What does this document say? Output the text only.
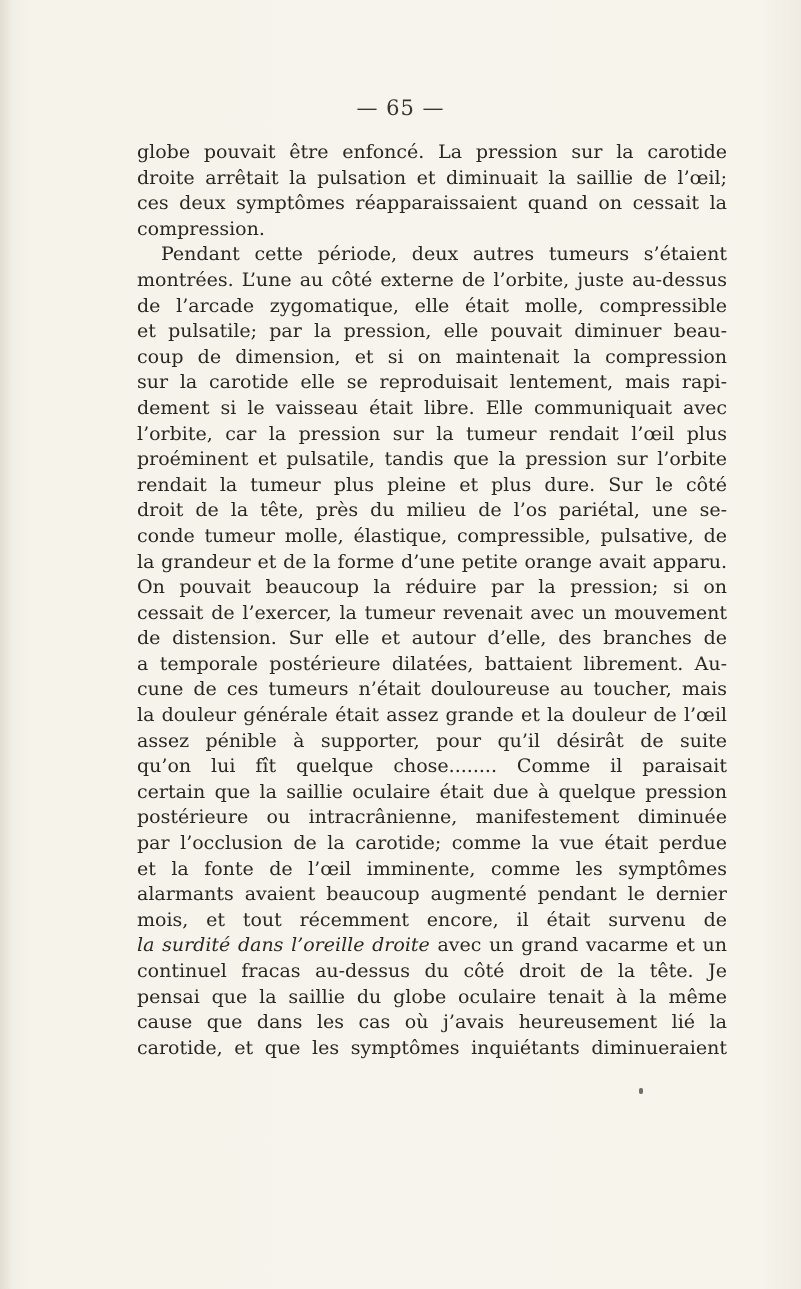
— 65 —
globe pouvait être enfoncé. La pression sur la carotide
droite arrêtait la pulsation et diminuait la saillie de l’œil;
ces deux symptômes réapparaissaient quand on cessait la
compression.
Pendant cette période, deux autres tumeurs s’étaient
montrées. L’une au côté externe de l’orbite, juste au-dessus
de l’arcade zygomatique, elle était molle, compressible
et pulsatile; par la pression, elle pouvait diminuer beau-
coup de dimension, et si on maintenait la compression
sur la carotide elle se reproduisait lentement, mais rapi-
dement si le vaisseau était libre. Elle communiquait avec
l’orbite, car la pression sur la tumeur rendait l’œil plus
proéminent et pulsatile, tandis que la pression sur l’orbite
rendait la tumeur plus pleine et plus dure. Sur le côté
droit de la tête, près du milieu de l’os pariétal, une se-
conde tumeur molle, élastique, compressible, pulsative, de
la grandeur et de la forme d’une petite orange avait apparu.
On pouvait beaucoup la réduire par la pression; si on
cessait de l’exercer, la tumeur revenait avec un mouvement
de distension. Sur elle et autour d’elle, des branches de
a temporale postérieure dilatées, battaient librement. Au-
cune de ces tumeurs n’était douloureuse au toucher, mais
la douleur générale était assez grande et la douleur de l’œil
assez pénible à supporter, pour qu’il désirât de suite
qu’on lui fît quelque chose........ Comme il paraisait
certain que la saillie oculaire était due à quelque pression
postérieure ou intracrânienne, manifestement diminuée
par l’occlusion de la carotide; comme la vue était perdue
et la fonte de l’œil imminente, comme les symptômes
alarmants avaient beaucoup augmenté pendant le dernier
mois, et tout récemment encore, il était survenu de
la surdité dans l’oreille droite avec un grand vacarme et un
continuel fracas au-dessus du côté droit de la tête. Je
pensai que la saillie du globe oculaire tenait à la même
cause que dans les cas où j’avais heureusement lié la
carotide, et que les symptômes inquiétants diminueraient
